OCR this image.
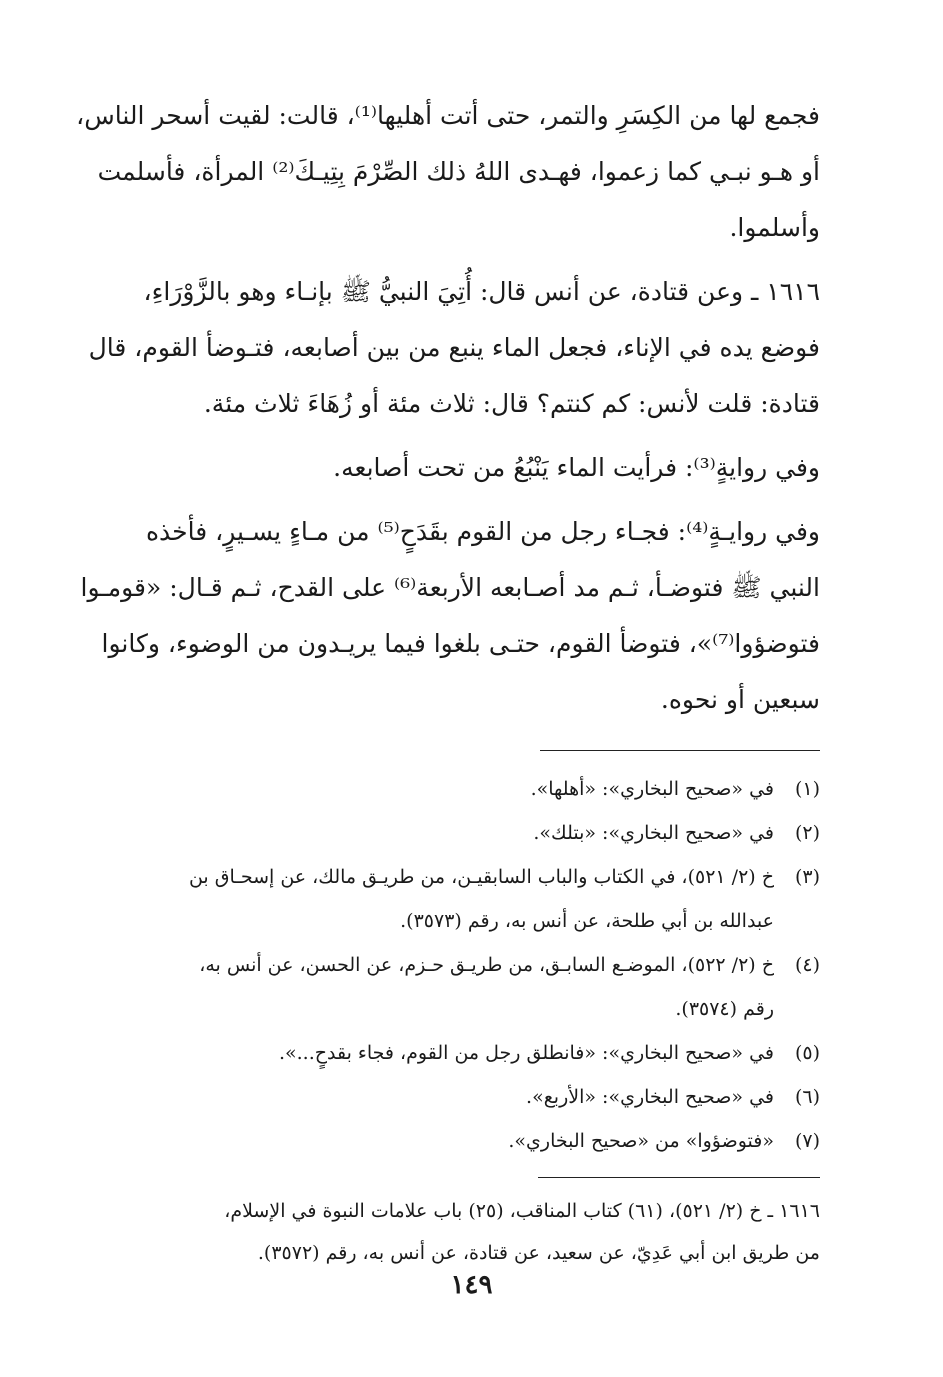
فجمع لها من الكِسَرِ والتمر، حتى أتت أهليها⁽¹⁾، قالت: لقيت أسحر الناس،
أو هـو نبـي كما زعموا، فهـدى اللهُ ذلك الصِّرْمَ بِتِيـكَ⁽²⁾ المرأة، فأسلمت
وأسلموا.

١٦١٦ ـ وعن قتادة، عن أنس قال: أُتِيَ النبيُّ ﷺ بإنـاء وهو بالزَّوْرَاءِ،
فوضع يده في الإناء، فجعل الماء ينبع من بين أصابعه، فتـوضأ القوم، قال
قتادة: قلت لأنس: كم كنتم؟ قال: ثلاث مئة أو زُهَاءَ ثلاث مئة.

وفي روايةٍ⁽³⁾: فرأيت الماء يَنْبُعُ من تحت أصابعه.

وفي روايـةٍ⁽⁴⁾: فجـاء رجل من القوم بقَدَحٍ⁽⁵⁾ من مـاءٍ يسـيرٍ، فأخذه
النبي ﷺ فتوضـأ، ثـم مد أصـابعه الأربعة⁽⁶⁾ على القدح، ثـم قـال: «قومـوا
فتوضؤوا⁽⁷⁾»، فتوضأ القوم، حتـى بلغوا فيما يريـدون من الوضوء، وكانوا
سبعين أو نحوه.

(١)
في «صحيح البخاري»: «أهلها».
(٢)
في «صحيح البخاري»: «بتلك».
(٣)
خ (٢/ ٥٢١)، في الكتاب والباب السابقيـن، من طريـق مالك، عن إسحـاق بن
عبدالله بن أبي طلحة، عن أنس به، رقم (٣٥٧٣).
(٤)
خ (٢/ ٥٢٢)، الموضـع السابـق، من طريـق حـزم، عن الحسن، عن أنس به،
رقم (٣٥٧٤).
(٥)
في «صحيح البخاري»: «فانطلق رجل من القوم، فجاء بقدحٍ...».
(٦)
في «صحيح البخاري»: «الأربع».
(٧)
«فتوضؤوا» من «صحيح البخاري».
١٦١٦ ـ خ (٢/ ٥٢١)، (٦١) كتاب المناقب، (٢٥) باب علامات النبوة في الإسلام،
من طريق ابن أبي عَدِيّ، عن سعيد، عن قتادة، عن أنس به، رقم (٣٥٧٢).
١٤٩
